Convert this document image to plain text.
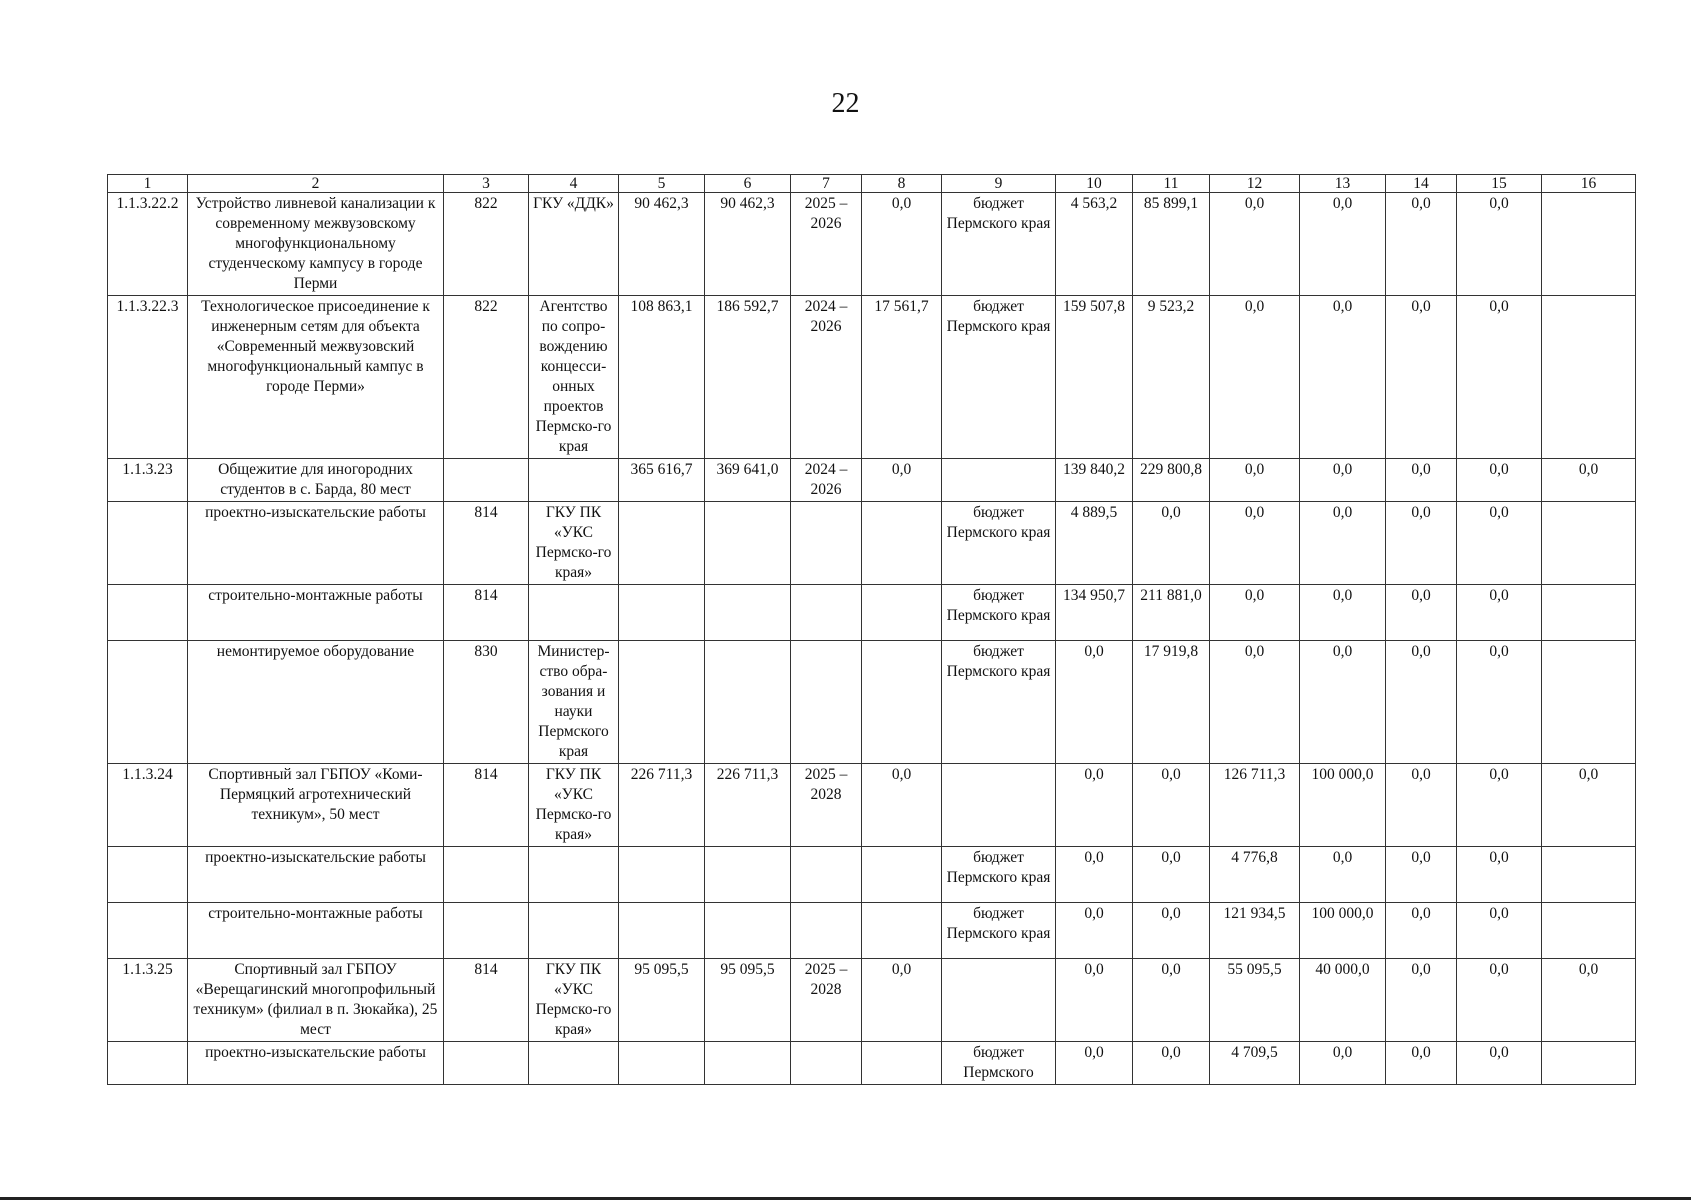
22
1	2	3	4	5	6	7	8	9	10	11	12	13	14	15	16
1.1.3.22.2	Устройство ливневой канализации к современному межвузовскому многофункциональному студенческому кампусу в городе Перми	822	ГКУ «ДДК»	90 462,3	90 462,3	2025 – 2026	0,0	бюджет Пермского края	4 563,2	85 899,1	0,0	0,0	0,0	0,0	
1.1.3.22.3	Технологическое присоединение к инженерным сетям для объекта «Современный межвузовский многофункциональный кампус в городе Перми»	822	Агентство по сопро-вождению концесси-онных проектов Пермско-го края	108 863,1	186 592,7	2024 – 2026	17 561,7	бюджет Пермского края	159 507,8	9 523,2	0,0	0,0	0,0	0,0	
1.1.3.23	Общежитие для иногородних студентов в с. Барда, 80 мест			365 616,7	369 641,0	2024 – 2026	0,0		139 840,2	229 800,8	0,0	0,0	0,0	0,0	0,0
	проектно-изыскательские работы	814	ГКУ ПК «УКС Пермско-го края»					бюджет Пермского края	4 889,5	0,0	0,0	0,0	0,0	0,0	
	строительно-монтажные работы	814						бюджет Пермского края	134 950,7	211 881,0	0,0	0,0	0,0	0,0	
	немонтируемое оборудование	830	Министер-ство обра-зования и науки Пермского края					бюджет Пермского края	0,0	17 919,8	0,0	0,0	0,0	0,0	
1.1.3.24	Спортивный зал ГБПОУ «Коми-Пермяцкий агротехнический техникум», 50 мест	814	ГКУ ПК «УКС Пермско-го края»	226 711,3	226 711,3	2025 – 2028	0,0		0,0	0,0	126 711,3	100 000,0	0,0	0,0	0,0
	проектно-изыскательские работы							бюджет Пермского края	0,0	0,0	4 776,8	0,0	0,0	0,0	
	строительно-монтажные работы							бюджет Пермского края	0,0	0,0	121 934,5	100 000,0	0,0	0,0	
1.1.3.25	Спортивный зал ГБПОУ «Верещагинский многопрофильный техникум» (филиал в п. Зюкайка), 25 мест	814	ГКУ ПК «УКС Пермско-го края»	95 095,5	95 095,5	2025 – 2028	0,0		0,0	0,0	55 095,5	40 000,0	0,0	0,0	0,0
	проектно-изыскательские работы							бюджет Пермского	0,0	0,0	4 709,5	0,0	0,0	0,0	
